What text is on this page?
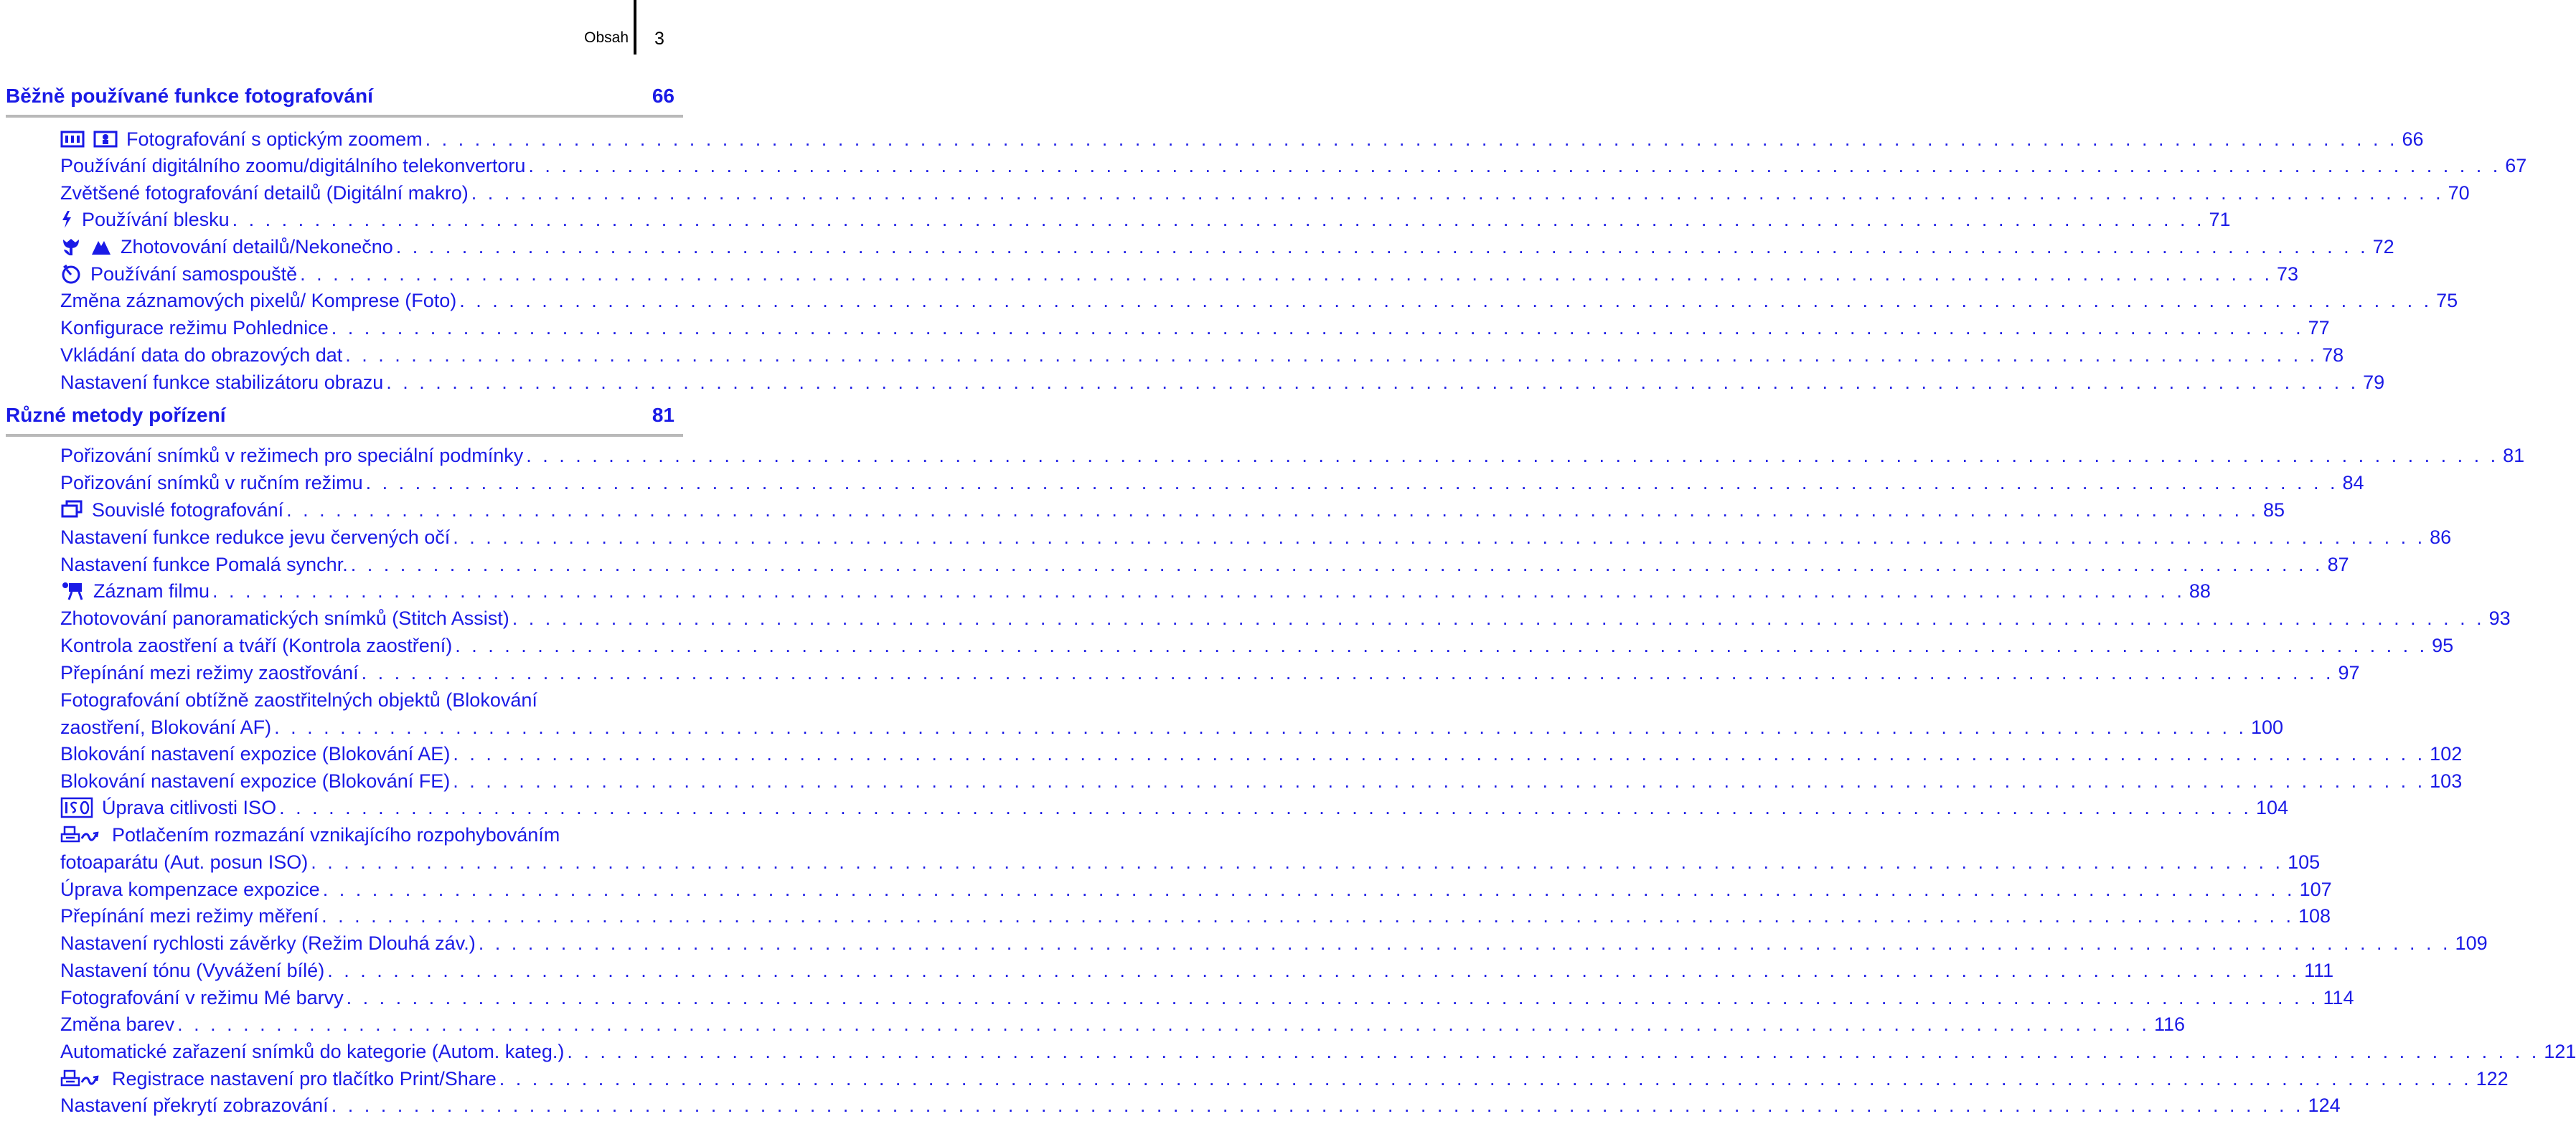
Obsah 3
Běžně používané funkce fotografování	66
Fotografování s optickým zoomem . . . . . . . . . . . . . . . . . . . . . . . . . . . . . . . . . . . . . . . . . . . . . . . . . . . . . . . . . . . . . . . . . . . . . . . . . . . . . . . . . . . . . . . . . . . . . . . . . . . . . . . . . . . . . . . . . . . . . . . . 66
Používání digitálního zoomu/digitálního telekonvertoru . . . . . . . . . . . . . . . . . . . . . . . . . . . . . . . . . . . . . . . . . . . . . . . . . . . . . . . . . . . . . . . . . . . . . . . . . . . . . . . . . . . . . . . . . . . . . . . . . . . . . . . . . . . . . . . . . . . . . . . . 67
Zvětšené fotografování detailů (Digitální makro) . . . . . . . . . . . . . . . . . . . . . . . . . . . . . . . . . . . . . . . . . . . . . . . . . . . . . . . . . . . . . . . . . . . . . . . . . . . . . . . . . . . . . . . . . . . . . . . . . . . . . . . . . . . . . . . . . . . . . . . . 70
Používání blesku . . . . . . . . . . . . . . . . . . . . . . . . . . . . . . . . . . . . . . . . . . . . . . . . . . . . . . . . . . . . . . . . . . . . . . . . . . . . . . . . . . . . . . . . . . . . . . . . . . . . . . . . . . . . . . . . . . . . . . . . 71
Zhotovování detailů/Nekonečno . . . . . . . . . . . . . . . . . . . . . . . . . . . . . . . . . . . . . . . . . . . . . . . . . . . . . . . . . . . . . . . . . . . . . . . . . . . . . . . . . . . . . . . . . . . . . . . . . . . . . . . . . . . . . . . . . . . . . . . . 72
Používání samospouště . . . . . . . . . . . . . . . . . . . . . . . . . . . . . . . . . . . . . . . . . . . . . . . . . . . . . . . . . . . . . . . . . . . . . . . . . . . . . . . . . . . . . . . . . . . . . . . . . . . . . . . . . . . . . . . . . . . . . . . . 73
Změna záznamových pixelů/ Komprese (Foto) . . . . . . . . . . . . . . . . . . . . . . . . . . . . . . . . . . . . . . . . . . . . . . . . . . . . . . . . . . . . . . . . . . . . . . . . . . . . . . . . . . . . . . . . . . . . . . . . . . . . . . . . . . . . . . . . . . . . . . . . 75
Konfigurace režimu Pohlednice . . . . . . . . . . . . . . . . . . . . . . . . . . . . . . . . . . . . . . . . . . . . . . . . . . . . . . . . . . . . . . . . . . . . . . . . . . . . . . . . . . . . . . . . . . . . . . . . . . . . . . . . . . . . . . . . . . . . . . . . 77
Vkládání data do obrazových dat . . . . . . . . . . . . . . . . . . . . . . . . . . . . . . . . . . . . . . . . . . . . . . . . . . . . . . . . . . . . . . . . . . . . . . . . . . . . . . . . . . . . . . . . . . . . . . . . . . . . . . . . . . . . . . . . . . . . . . . . 78
Nastavení funkce stabilizátoru obrazu . . . . . . . . . . . . . . . . . . . . . . . . . . . . . . . . . . . . . . . . . . . . . . . . . . . . . . . . . . . . . . . . . . . . . . . . . . . . . . . . . . . . . . . . . . . . . . . . . . . . . . . . . . . . . . . . . . . . . . . . 79
Různé metody pořízení	81
Pořizování snímků v režimech pro speciální podmínky . . . . . . . . . . . . . . . . . . . . . . . . . . . . . . . . . . . . . . . . . . . . . . . . . . . . . . . . . . . . . . . . . . . . . . . . . . . . . . . . . . . . . . . . . . . . . . . . . . . . . . . . . . . . . . . . . . . . . . . . 81
Pořizování snímků v ručním režimu . . . . . . . . . . . . . . . . . . . . . . . . . . . . . . . . . . . . . . . . . . . . . . . . . . . . . . . . . . . . . . . . . . . . . . . . . . . . . . . . . . . . . . . . . . . . . . . . . . . . . . . . . . . . . . . . . . . . . . . . 84
Souvislé fotografování . . . . . . . . . . . . . . . . . . . . . . . . . . . . . . . . . . . . . . . . . . . . . . . . . . . . . . . . . . . . . . . . . . . . . . . . . . . . . . . . . . . . . . . . . . . . . . . . . . . . . . . . . . . . . . . . . . . . . . . . 85
Nastavení funkce redukce jevu červených očí . . . . . . . . . . . . . . . . . . . . . . . . . . . . . . . . . . . . . . . . . . . . . . . . . . . . . . . . . . . . . . . . . . . . . . . . . . . . . . . . . . . . . . . . . . . . . . . . . . . . . . . . . . . . . . . . . . . . . . . . 86
Nastavení funkce Pomalá synchr. . . . . . . . . . . . . . . . . . . . . . . . . . . . . . . . . . . . . . . . . . . . . . . . . . . . . . . . . . . . . . . . . . . . . . . . . . . . . . . . . . . . . . . . . . . . . . . . . . . . . . . . . . . . . . . . . . . . . . . . . 87
Záznam filmu . . . . . . . . . . . . . . . . . . . . . . . . . . . . . . . . . . . . . . . . . . . . . . . . . . . . . . . . . . . . . . . . . . . . . . . . . . . . . . . . . . . . . . . . . . . . . . . . . . . . . . . . . . . . . . . . . . . . . . . . 88
Zhotovování panoramatických snímků (Stitch Assist) . . . . . . . . . . . . . . . . . . . . . . . . . . . . . . . . . . . . . . . . . . . . . . . . . . . . . . . . . . . . . . . . . . . . . . . . . . . . . . . . . . . . . . . . . . . . . . . . . . . . . . . . . . . . . . . . . . . . . . . . 93
Kontrola zaostření a tváří (Kontrola zaostření) . . . . . . . . . . . . . . . . . . . . . . . . . . . . . . . . . . . . . . . . . . . . . . . . . . . . . . . . . . . . . . . . . . . . . . . . . . . . . . . . . . . . . . . . . . . . . . . . . . . . . . . . . . . . . . . . . . . . . . . . 95
Přepínání mezi režimy zaostřování . . . . . . . . . . . . . . . . . . . . . . . . . . . . . . . . . . . . . . . . . . . . . . . . . . . . . . . . . . . . . . . . . . . . . . . . . . . . . . . . . . . . . . . . . . . . . . . . . . . . . . . . . . . . . . . . . . . . . . . . 97
Fotografování obtížně zaostřitelných objektů (Blokování
zaostření, Blokování AF) . . . . . . . . . . . . . . . . . . . . . . . . . . . . . . . . . . . . . . . . . . . . . . . . . . . . . . . . . . . . . . . . . . . . . . . . . . . . . . . . . . . . . . . . . . . . . . . . . . . . . . . . . . . . . . . . . . . . . . . . 100
Blokování nastavení expozice (Blokování AE) . . . . . . . . . . . . . . . . . . . . . . . . . . . . . . . . . . . . . . . . . . . . . . . . . . . . . . . . . . . . . . . . . . . . . . . . . . . . . . . . . . . . . . . . . . . . . . . . . . . . . . . . . . . . . . . . . . . . . . . . 102
Blokování nastavení expozice (Blokování FE) . . . . . . . . . . . . . . . . . . . . . . . . . . . . . . . . . . . . . . . . . . . . . . . . . . . . . . . . . . . . . . . . . . . . . . . . . . . . . . . . . . . . . . . . . . . . . . . . . . . . . . . . . . . . . . . . . . . . . . . . 103
Úprava citlivosti ISO . . . . . . . . . . . . . . . . . . . . . . . . . . . . . . . . . . . . . . . . . . . . . . . . . . . . . . . . . . . . . . . . . . . . . . . . . . . . . . . . . . . . . . . . . . . . . . . . . . . . . . . . . . . . . . . . . . . . . . . . 104
Potlačením rozmazání vznikajícího rozpohybováním
fotoaparátu (Aut. posun ISO) . . . . . . . . . . . . . . . . . . . . . . . . . . . . . . . . . . . . . . . . . . . . . . . . . . . . . . . . . . . . . . . . . . . . . . . . . . . . . . . . . . . . . . . . . . . . . . . . . . . . . . . . . . . . . . . . . . . . . . . . 105
Úprava kompenzace expozice . . . . . . . . . . . . . . . . . . . . . . . . . . . . . . . . . . . . . . . . . . . . . . . . . . . . . . . . . . . . . . . . . . . . . . . . . . . . . . . . . . . . . . . . . . . . . . . . . . . . . . . . . . . . . . . . . . . . . . . . 107
Přepínání mezi režimy měření . . . . . . . . . . . . . . . . . . . . . . . . . . . . . . . . . . . . . . . . . . . . . . . . . . . . . . . . . . . . . . . . . . . . . . . . . . . . . . . . . . . . . . . . . . . . . . . . . . . . . . . . . . . . . . . . . . . . . . . . 108
Nastavení rychlosti závěrky (Režim Dlouhá záv.) . . . . . . . . . . . . . . . . . . . . . . . . . . . . . . . . . . . . . . . . . . . . . . . . . . . . . . . . . . . . . . . . . . . . . . . . . . . . . . . . . . . . . . . . . . . . . . . . . . . . . . . . . . . . . . . . . . . . . . . . 109
Nastavení tónu (Vyvážení bílé) . . . . . . . . . . . . . . . . . . . . . . . . . . . . . . . . . . . . . . . . . . . . . . . . . . . . . . . . . . . . . . . . . . . . . . . . . . . . . . . . . . . . . . . . . . . . . . . . . . . . . . . . . . . . . . . . . . . . . . . . 111
Fotografování v režimu Mé barvy . . . . . . . . . . . . . . . . . . . . . . . . . . . . . . . . . . . . . . . . . . . . . . . . . . . . . . . . . . . . . . . . . . . . . . . . . . . . . . . . . . . . . . . . . . . . . . . . . . . . . . . . . . . . . . . . . . . . . . . . 114
Změna barev . . . . . . . . . . . . . . . . . . . . . . . . . . . . . . . . . . . . . . . . . . . . . . . . . . . . . . . . . . . . . . . . . . . . . . . . . . . . . . . . . . . . . . . . . . . . . . . . . . . . . . . . . . . . . . . . . . . . . . . . 116
Automatické zařazení snímků do kategorie (Autom. kateg.) . . . . . . . . . . . . . . . . . . . . . . . . . . . . . . . . . . . . . . . . . . . . . . . . . . . . . . . . . . . . . . . . . . . . . . . . . . . . . . . . . . . . . . . . . . . . . . . . . . . . . . . . . . . . . . . . . . . . . . . . 121
Registrace nastavení pro tlačítko Print/Share . . . . . . . . . . . . . . . . . . . . . . . . . . . . . . . . . . . . . . . . . . . . . . . . . . . . . . . . . . . . . . . . . . . . . . . . . . . . . . . . . . . . . . . . . . . . . . . . . . . . . . . . . . . . . . . . . . . . . . . . 122
Nastavení překrytí zobrazování . . . . . . . . . . . . . . . . . . . . . . . . . . . . . . . . . . . . . . . . . . . . . . . . . . . . . . . . . . . . . . . . . . . . . . . . . . . . . . . . . . . . . . . . . . . . . . . . . . . . . . . . . . . . . . . . . . . . . . . . 124
